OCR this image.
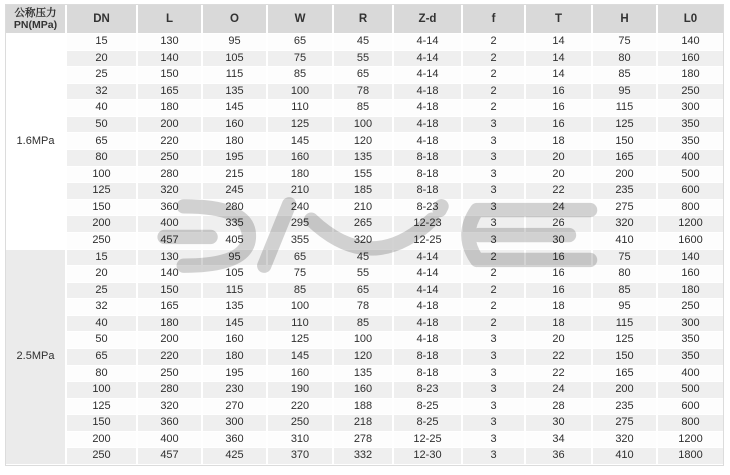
公称压力
PN(MPa)	DN	L	O	W	R	Z-d	f	T	H	L0
1.6MPa	15	130	95	65	45	4-14	2	14	75	140
	20	140	105	75	55	4-14	2	14	80	160
	25	150	115	85	65	4-14	2	14	85	180
	32	165	135	100	78	4-18	2	16	95	250
	40	180	145	110	85	4-18	2	16	115	300
	50	200	160	125	100	4-18	3	16	125	350
	65	220	180	145	120	4-18	3	18	150	350
	80	250	195	160	135	8-18	3	20	165	400
	100	280	215	180	155	8-18	3	20	200	500
	125	320	245	210	185	8-18	3	22	235	600
	150	360	280	240	210	8-23	3	24	275	800
	200	400	335	295	265	12-23	3	26	320	1200
	250	457	405	355	320	12-25	3	30	410	1600
2.5MPa	15	130	95	65	45	4-14	2	16	75	140
	20	140	105	75	55	4-14	2	16	80	160
	25	150	115	85	65	4-14	2	16	85	180
	32	165	135	100	78	4-18	2	18	95	250
	40	180	145	110	85	4-18	2	18	115	300
	50	200	160	125	100	4-18	3	20	125	350
	65	220	180	145	120	8-18	3	22	150	350
	80	250	195	160	135	8-18	3	22	165	400
	100	280	230	190	160	8-23	3	24	200	500
	125	320	270	220	188	8-25	3	28	235	600
	150	360	300	250	218	8-25	3	30	275	800
	200	400	360	310	278	12-25	3	34	320	1200
	250	457	425	370	332	12-30	3	36	410	1800
